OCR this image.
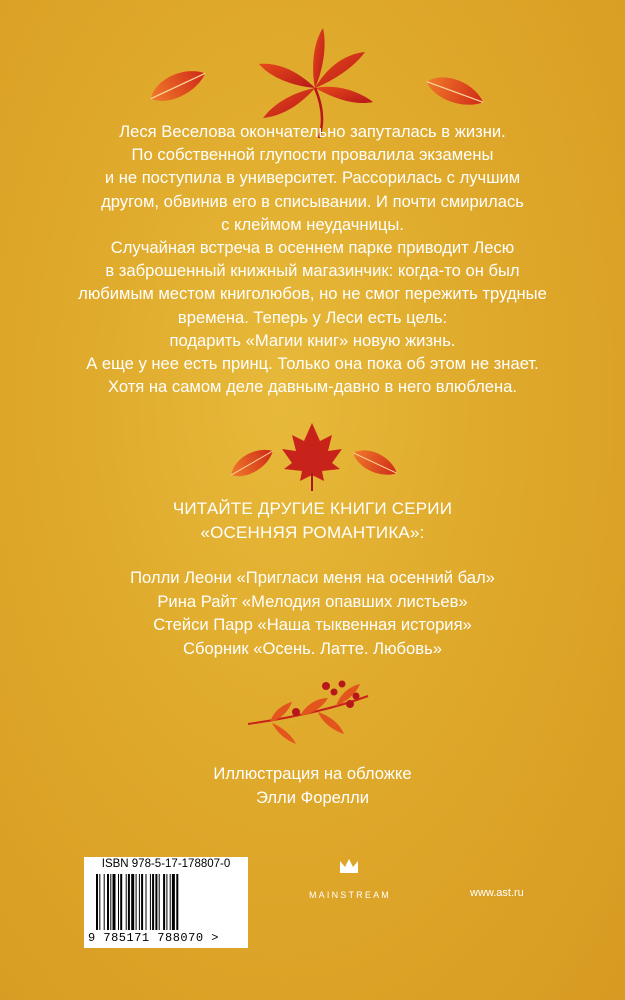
Леся Веселова окончательно запуталась в жизни.

По собственной глупости провалила экзамены

и не поступила в университет. Рассорилась с лучшим

другом, обвинив его в списывании. И почти смирилась

с клеймом неудачницы.

Случайная встреча в осеннем парке приводит Лесю

в заброшенный книжный магазинчик: когда-то он был

любимым местом книголюбов, но не смог пережить трудные

времена. Теперь у Леси есть цель:

подарить «Магии книг» новую жизнь.

А еще у нее есть принц. Только она пока об этом не знает.

Хотя на самом деле давным-давно в него влюблена.

ЧИТАЙТЕ ДРУГИЕ КНИГИ СЕРИИ
«ОСЕННЯЯ РОМАНТИКА»:
Полли Леони «Пригласи меня на осенний бал»
Рина Райт «Мелодия опавших листьев»
Стейси Парр «Наша тыквенная история»
Сборник «Осень. Латте. Любовь»
Иллюстрация на обложке
Элли Форелли
ISBN 978-5-17-178807-0
9 785171 788070 >
MAINSTREAM	www.ast.ru
